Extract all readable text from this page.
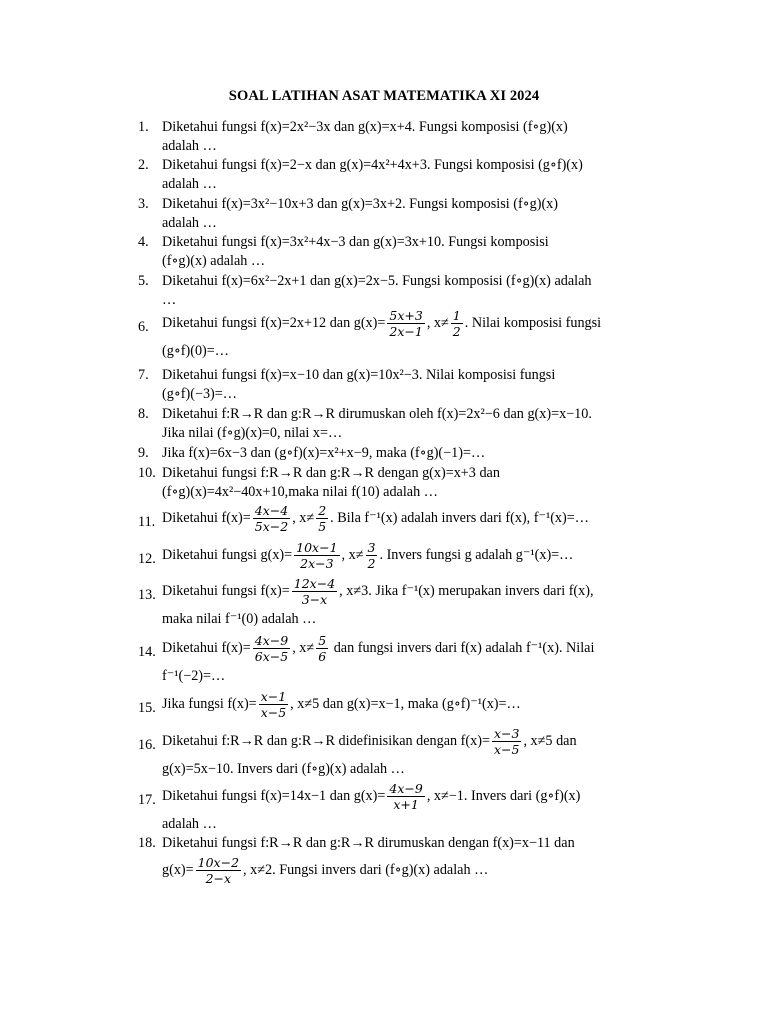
SOAL LATIHAN ASAT MATEMATIKA XI 2024
1. Diketahui fungsi f(x)=2x²−3x dan g(x)=x+4. Fungsi komposisi (f∘g)(x)
adalah …
2. Diketahui fungsi f(x)=2−x dan g(x)=4x²+4x+3. Fungsi komposisi (g∘f)(x)
adalah …
3. Diketahui f(x)=3x²−10x+3 dan g(x)=3x+2. Fungsi komposisi (f∘g)(x)
adalah …
4. Diketahui fungsi f(x)=3x²+4x−3 dan g(x)=3x+10. Fungsi komposisi
(f∘g)(x) adalah …
5. Diketahui f(x)=6x²−2x+1 dan g(x)=2x−5. Fungsi komposisi (f∘g)(x) adalah
…
6. Diketahui fungsi f(x)=2x+12 dan $g(x)= \frac{5x+3}{2x-1}$ , $x\ne \frac{1}{2}$ . Nilai komposisi fungsi
(g∘f)(0)=…
7. Diketahui fungsi f(x)=x−10 dan g(x)=10x²−3. Nilai komposisi fungsi
(g∘f)(−3)=…
8. Diketahui f:R→R dan g:R→R dirumuskan oleh f(x)=2x²−6 dan g(x)=x−10.
Jika nilai (f∘g)(x)=0, nilai x=…
9. Jika f(x)=6x−3 dan (g∘f)(x)=x²+x−9, maka (f∘g)(−1)=…
10. Diketahui fungsi f:R→R dan g:R→R dengan g(x)=x+3 dan
(f∘g)(x)=4x²−40x+10,maka nilai f(10) adalah …
11. Diketahui $f(x)= \frac{4x-4}{5x-2}$ , $x\ne \frac{2}{5}$ . Bila f⁻¹(x) adalah invers dari f(x), f⁻¹(x)=…
12. Diketahui fungsi $g(x)= \frac{10x-1}{2x-3}$ , $x\ne \frac{3}{2}$ . Invers fungsi g adalah g⁻¹(x)=…
13. Diketahui fungsi $f(x)= \frac{12x-4}{3-x}$ , x≠3. Jika f⁻¹(x) merupakan invers dari f(x),
maka nilai f⁻¹(0) adalah …
14. Diketahui $f(x)= \frac{4x-9}{6x-5}$ , $x\ne \frac{5}{6}$ dan fungsi invers dari f(x) adalah f⁻¹(x). Nilai
f⁻¹(−2)=…
15. Jika fungsi $f(x)= \frac{x-1}{x-5}$ , x≠5 dan g(x)=x−1, maka (g∘f)⁻¹(x)=…
16. Diketahui f:R→R dan g:R→R didefinisikan dengan $f(x)= \frac{x-3}{x-5}$ , x≠5 dan
g(x)=5x−10. Invers dari (f∘g)(x) adalah …
17. Diketahui fungsi f(x)=14x−1 dan $g(x)= \frac{4x-9}{x+1}$ , x≠−1. Invers dari (g∘f)(x)
adalah …
18. Diketahui fungsi f:R→R dan g:R→R dirumuskan dengan f(x)=x−11 dan
$g(x)= \frac{10x-2}{2-x}$ , x≠2. Fungsi invers dari (f∘g)(x) adalah …
